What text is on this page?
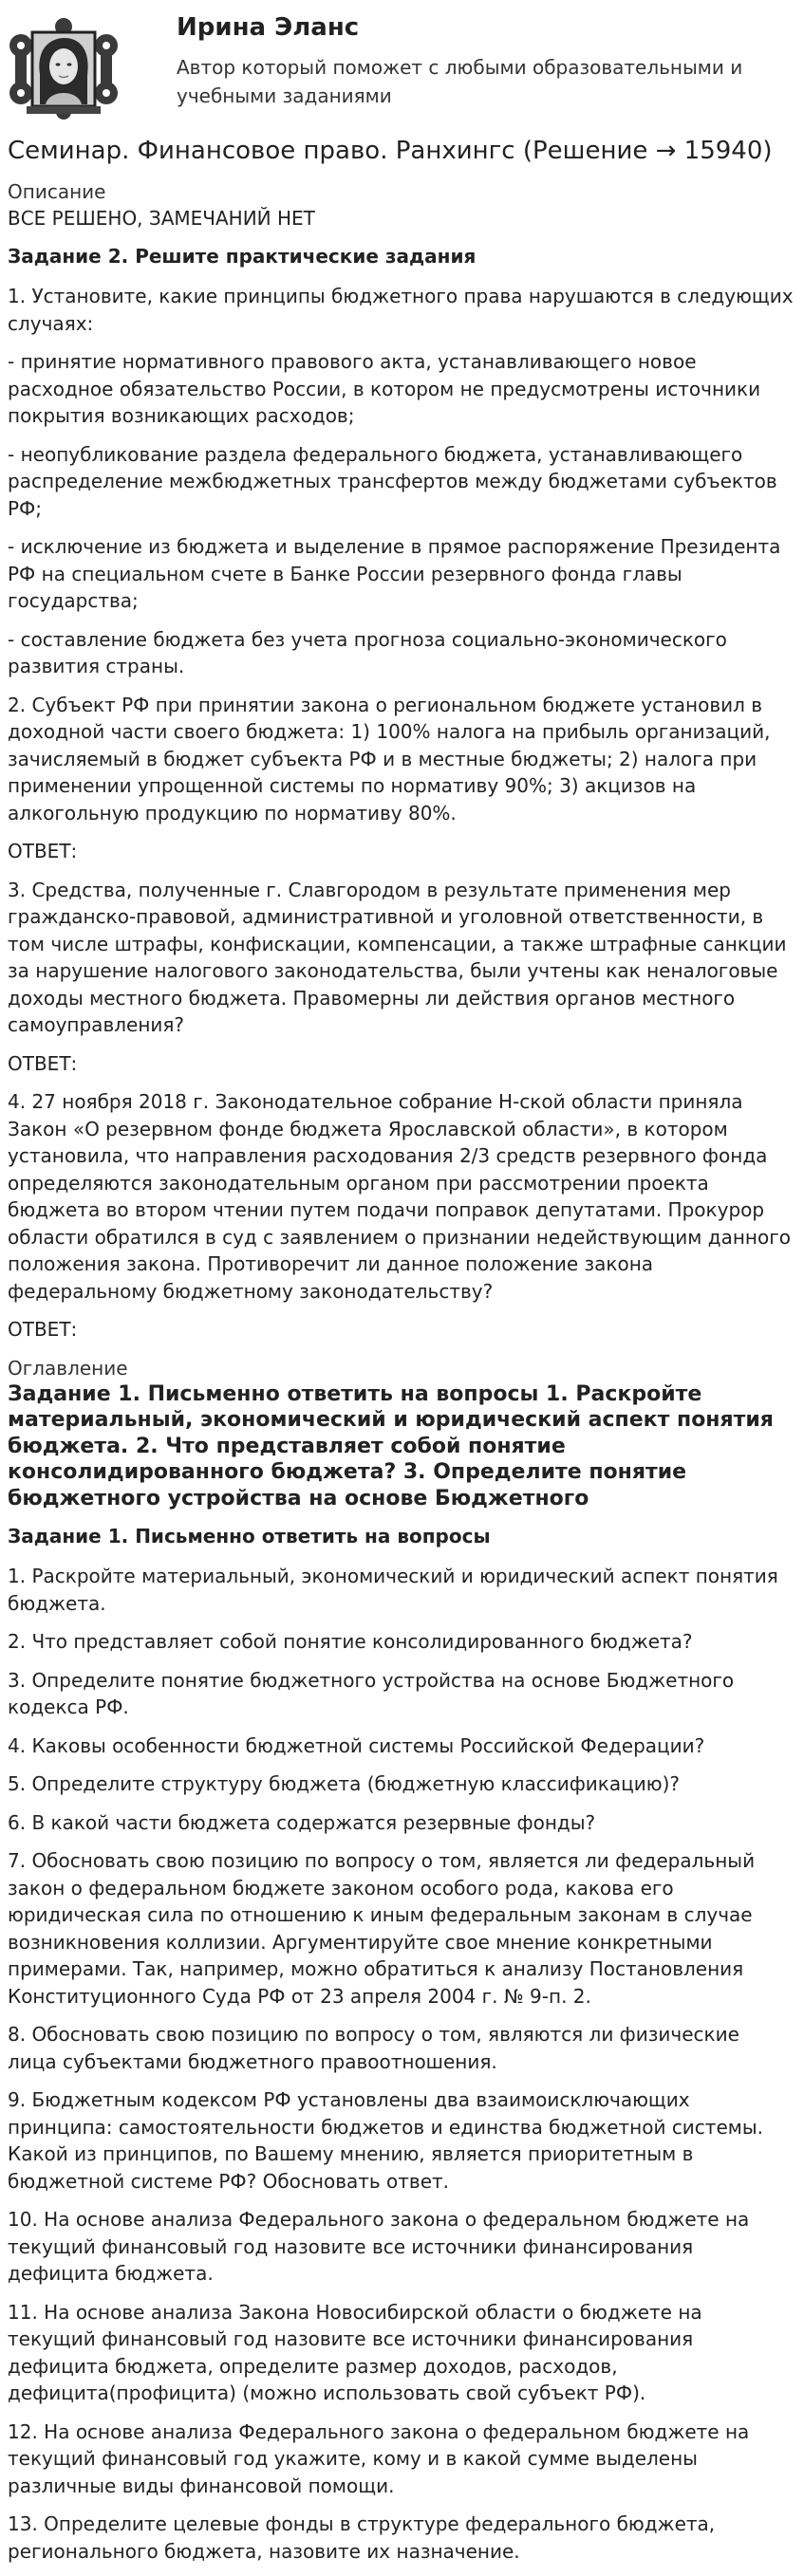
Ирина Эланс
Автор который поможет с любыми образовательными и учебными заданиями
Семинар. Финансовое право. Ранхингс (Решение → 15940)

Описание

ВСЕ РЕШЕНО, ЗАМЕЧАНИЙ НЕТ

Задание 2. Решите практические задания

1. Установите, какие принципы бюджетного права нарушаются в следующих случаях:

- принятие нормативного правового акта, устанавливающего новое расходное обязательство России, в котором не предусмотрены источники покрытия возникающих расходов;

- неопубликование раздела федерального бюджета, устанавливающего распределение межбюджетных трансфертов между бюджетами субъектов РФ;

- исключение из бюджета и выделение в прямое распоряжение Президента РФ на специальном счете в Банке России резервного фонда главы государства;

- составление бюджета без учета прогноза социально-экономического развития страны.

2. Субъект РФ при принятии закона о региональном бюджете установил в доходной части своего бюджета: 1) 100% налога на прибыль организаций, зачисляемый в бюджет субъекта РФ и в местные бюджеты; 2) налога при применении упрощенной системы по нормативу 90%; 3) акцизов на алкогольную продукцию по нормативу 80%.

ОТВЕТ:

3. Средства, полученные г. Славгородом в результате применения мер гражданско-правовой, административной и уголовной ответственности, в том числе штрафы, конфискации, компенсации, а также штрафные санкции за нарушение налогового законодательства, были учтены как неналоговые доходы местного бюджета. Правомерны ли действия органов местного самоуправления?

ОТВЕТ:

4. 27 ноября 2018 г. Законодательное собрание Н-ской области приняла Закон «О резервном фонде бюджета Ярославской области», в котором установила, что направления расходования 2/3 средств резервного фонда определяются законодательным органом при рассмотрении проекта бюджета во втором чтении путем подачи поправок депутатами. Прокурор области обратился в суд с заявлением о признании недействующим данного положения закона. Противоречит ли данное положение закона федеральному бюджетному законодательству?

ОТВЕТ:

Оглавление

Задание 1. Письменно ответить на вопросы 1. Раскройте материальный, экономический и юридический аспект понятия бюджета. 2. Что представляет собой понятие консолидированного бюджета? 3. Определите понятие бюджетного устройства на основе Бюджетного

Задание 1. Письменно ответить на вопросы

1. Раскройте материальный, экономический и юридический аспект понятия бюджета.

2. Что представляет собой понятие консолидированного бюджета?

3. Определите понятие бюджетного устройства на основе Бюджетного кодекса РФ.

4. Каковы особенности бюджетной системы Российской Федерации?

5. Определите структуру бюджета (бюджетную классификацию)?

6. В какой части бюджета содержатся резервные фонды?

7. Обосновать свою позицию по вопросу о том, является ли федеральный закон о федеральном бюджете законом особого рода, какова его юридическая сила по отношению к иным федеральным законам в случае возникновения коллизии. Аргументируйте свое мнение конкретными примерами. Так, например, можно обратиться к анализу Постановления Конституционного Суда РФ от 23 апреля 2004 г. № 9-п. 2.

8. Обосновать свою позицию по вопросу о том, являются ли физические лица субъектами бюджетного правоотношения.

9. Бюджетным кодексом РФ установлены два взаимоисключающих принципа: самостоятельности бюджетов и единства бюджетной системы. Какой из принципов, по Вашему мнению, является приоритетным в бюджетной системе РФ? Обосновать ответ.

10. На основе анализа Федерального закона о федеральном бюджете на текущий финансовый год назовите все источники финансирования дефицита бюджета.

11. На основе анализа Закона Новосибирской области о бюджете на текущий финансовый год назовите все источники финансирования дефицита бюджета, определите размер доходов, расходов, дефицита(профицита) (можно использовать свой субъект РФ).

12. На основе анализа Федерального закона о федеральном бюджете на текущий финансовый год укажите, кому и в какой сумме выделены различные виды финансовой помощи.

13. Определите целевые фонды в структуре федерального бюджета, регионального бюджета, назовите их назначение.
